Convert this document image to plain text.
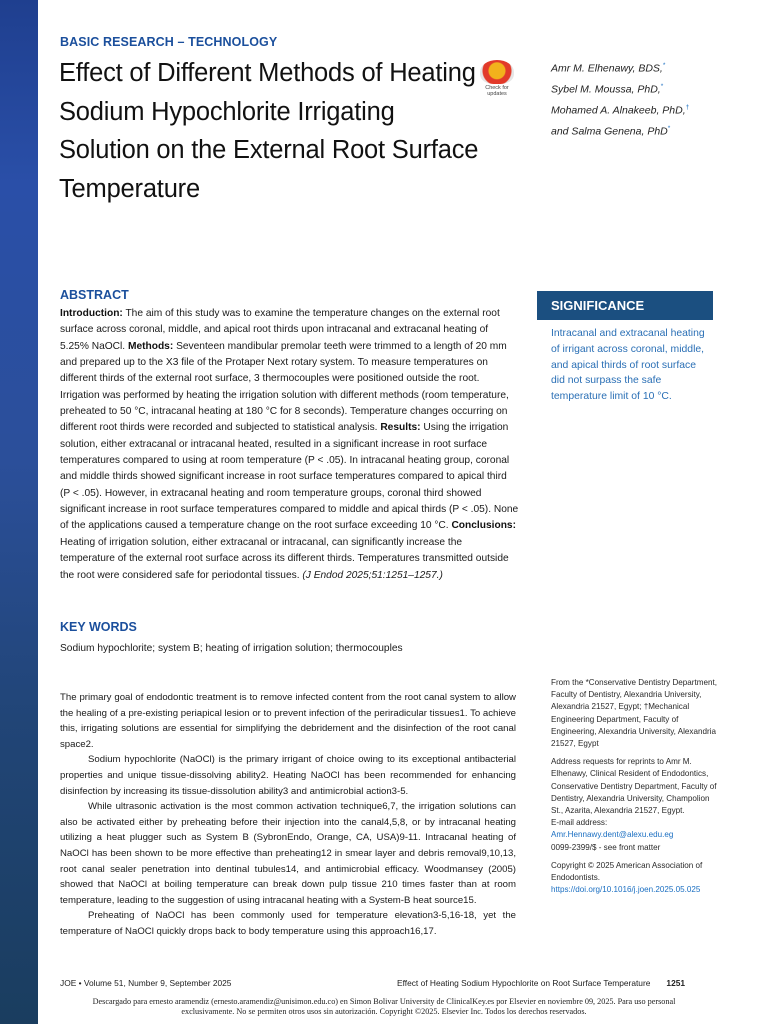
BASIC RESEARCH – TECHNOLOGY
Effect of Different Methods of Heating Sodium Hypochlorite Irrigating Solution on the External Root Surface Temperature
Check for updates
Amr M. Elhenawy, BDS,*
Sybel M. Moussa, PhD,*
Mohamed A. Alnakeeb, PhD,†
and Salma Genena, PhD*
ABSTRACT
Introduction: The aim of this study was to examine the temperature changes on the external root surface across coronal, middle, and apical root thirds upon intracanal and extracanal heating of 5.25% NaOCl. Methods: Seventeen mandibular premolar teeth were trimmed to a length of 20 mm and prepared up to the X3 file of the Protaper Next rotary system. To measure temperatures on different thirds of the external root surface, 3 thermocouples were positioned outside the root. Irrigation was performed by heating the irrigation solution with different methods (room temperature, preheated to 50 °C, intracanal heating at 180 °C for 8 seconds). Temperature changes occurring on different root thirds were recorded and subjected to statistical analysis. Results: Using the irrigation solution, either extracanal or intracanal heated, resulted in a significant increase in root surface temperatures compared to using at room temperature (P < .05). In intracanal heating group, coronal and middle thirds showed significant increase in root surface temperatures compared to apical third (P < .05). However, in extracanal heating and room temperature groups, coronal third showed significant increase in root surface temperatures compared to middle and apical thirds (P < .05). None of the applications caused a temperature change on the root surface exceeding 10 °C. Conclusions: Heating of irrigation solution, either extracanal or intracanal, can significantly increase the temperature of the external root surface across its different thirds. Temperatures transmitted outside the root were considered safe for periodontal tissues. (J Endod 2025;51:1251–1257.)
SIGNIFICANCE
Intracanal and extracanal heating of irrigant across coronal, middle, and apical thirds of root surface did not surpass the safe temperature limit of 10 °C.
KEY WORDS
Sodium hypochlorite; system B; heating of irrigation solution; thermocouples

The primary goal of endodontic treatment is to remove infected content from the root canal system to allow the healing of a pre-existing periapical lesion or to prevent infection of the periradicular tissues1. To achieve this, irrigating solutions are essential for simplifying the debridement and the disinfection of the root canal space2.

Sodium hypochlorite (NaOCl) is the primary irrigant of choice owing to its exceptional antibacterial properties and unique tissue-dissolving ability2. Heating NaOCl has been recommended for enhancing disinfection by increasing its tissue-dissolution ability3 and antimicrobial action3-5.

While ultrasonic activation is the most common activation technique6,7, the irrigation solutions can also be activated either by preheating before their injection into the canal4,5,8, or by intracanal heating utilizing a heat plugger such as System B (SybronEndo, Orange, CA, USA)9-11. Intracanal heating of NaOCl has been shown to be more effective than preheating12 in smear layer and debris removal9,10,13, root canal sealer penetration into dentinal tubules14, and antimicrobial efficacy. Woodmansey (2005) showed that NaOCl at boiling temperature can break down pulp tissue 210 times faster than at room temperature, leading to the suggestion of using intracanal heating with a System-B heat source15.

Preheating of NaOCl has been commonly used for temperature elevation3-5,16-18, yet the temperature of NaOCl quickly drops back to body temperature using this approach16,17.

From the *Conservative Dentistry Department, Faculty of Dentistry, Alexandria University, Alexandria 21527, Egypt; †Mechanical Engineering Department, Faculty of Engineering, Alexandria University, Alexandria 21527, Egypt

Address requests for reprints to Amr M. Elhenawy, Clinical Resident of Endodontics, Conservative Dentistry Department, Faculty of Dentistry, Alexandria University, Champolion St., Azarita, Alexandria 21527, Egypt.
E-mail address: Amr.Hennawy.dent@alexu.edu.eg
0099-2399/$ - see front matter

Copyright © 2025 American Association of Endodontists.
https://doi.org/10.1016/j.joen.2025.05.025

JOE • Volume 51, Number 9, September 2025	Effect of Heating Sodium Hypochlorite on Root Surface Temperature 1251
Descargado para ernesto aramendiz (ernesto.aramendiz@unisimon.edu.co) en Simon Bolivar University de ClinicalKey.es por Elsevier en noviembre 09, 2025. Para uso personal exclusivamente. No se permiten otros usos sin autorización. Copyright ©2025. Elsevier Inc. Todos los derechos reservados.
